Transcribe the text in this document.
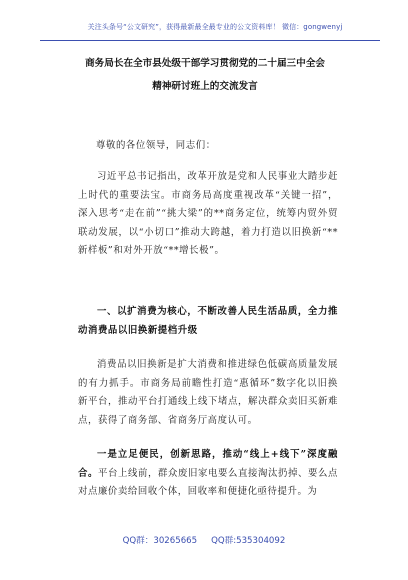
关注头条号“公文研究”，获得最新最全最专业的公文资料库！ 微信：gongwenyj
商务局长在全市县处级干部学习贯彻党的二十届三中全会
精神研讨班上的交流发言
尊敬的各位领导，同志们：
习近平总书记指出，改革开放是党和人民事业大踏步赶上时代的重要法宝。市商务局高度重视改革“关键一招”，深入思考“走在前”“挑大梁”的**商务定位，统筹内贸外贸联动发展，以“小切口”推动大跨越，着力打造以旧换新“**新样板”和对外开放“**增长极”。
一、以扩消费为核心，不断改善人民生活品质，全力推动消费品以旧换新提档升级
消费品以旧换新是扩大消费和推进绿色低碳高质量发展的有力抓手。市商务局前瞻性打造“惠循环”数字化以旧换新平台，推动平台打通线上线下堵点，解决群众卖旧买新难点，获得了商务部、省商务厅高度认可。
一是立足便民，创新思路，推动“线上+线下”深度融合。平台上线前，群众废旧家电要么直接淘汰扔掉、要么点对点廉价卖给回收个体，回收率和便捷化亟待提升。为
QQ群：30265665 QQ群:535304092
